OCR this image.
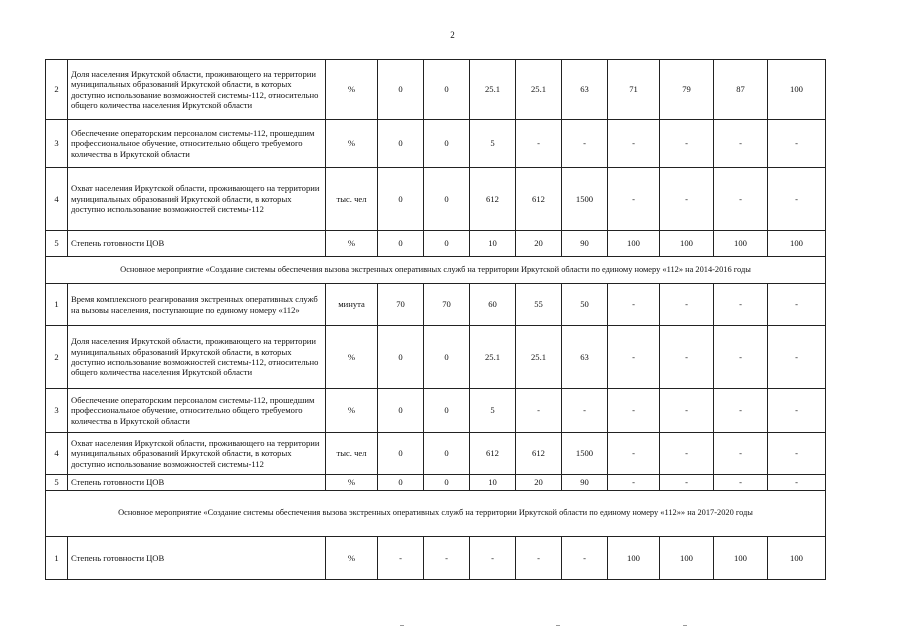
2
2	Доля населения Иркутской области, проживающего на территории муниципальных образований Иркутской области, в которых доступно использование возможностей системы-112, относительно общего количества населения Иркутской области	%	0	0	25.1	25.1	63	71	79	87	100
3	Обеспечение операторским персоналом системы-112, прошедшим профессиональное обучение, относительно общего требуемого количества в Иркутской области	%	0	0	5	-	-	-	-	-	-
4	Охват населения Иркутской области, проживающего на территории муниципальных образований Иркутской области, в которых доступно использование возможностей системы-112	тыс. чел	0	0	612	612	1500	-	-	-	-
5	Степень готовности ЦОВ	%	0	0	10	20	90	100	100	100	100
Основное мероприятие «Создание системы обеспечения вызова экстренных оперативных служб на территории Иркутской области по единому номеру «112» на 2014-2016 годы											
1	Время комплексного реагирования экстренных оперативных служб на вызовы населения, поступающие по единому номеру «112»	минута	70	70	60	55	50	-	-	-	-
2	Доля населения Иркутской области, проживающего на территории муниципальных образований Иркутской области, в которых доступно использование возможностей системы-112, относительно общего количества населения Иркутской области	%	0	0	25.1	25.1	63	-	-	-	-
3	Обеспечение операторским персоналом системы-112, прошедшим профессиональное обучение, относительно общего требуемого количества в Иркутской области	%	0	0	5	-	-	-	-	-	-
4	Охват населения Иркутской области, проживающего на территории муниципальных образований Иркутской области, в которых доступно использование возможностей системы-112	тыс. чел	0	0	612	612	1500	-	-	-	-
5	Степень готовности ЦОВ	%	0	0	10	20	90	-	-	-	-
Основное мероприятие «Создание системы обеспечения вызова экстренных оперативных служб на территории Иркутской области по единому номеру «112»» на 2017-2020 годы											
1	Степень готовности ЦОВ	%	-	-	-	-	-	100	100	100	100
